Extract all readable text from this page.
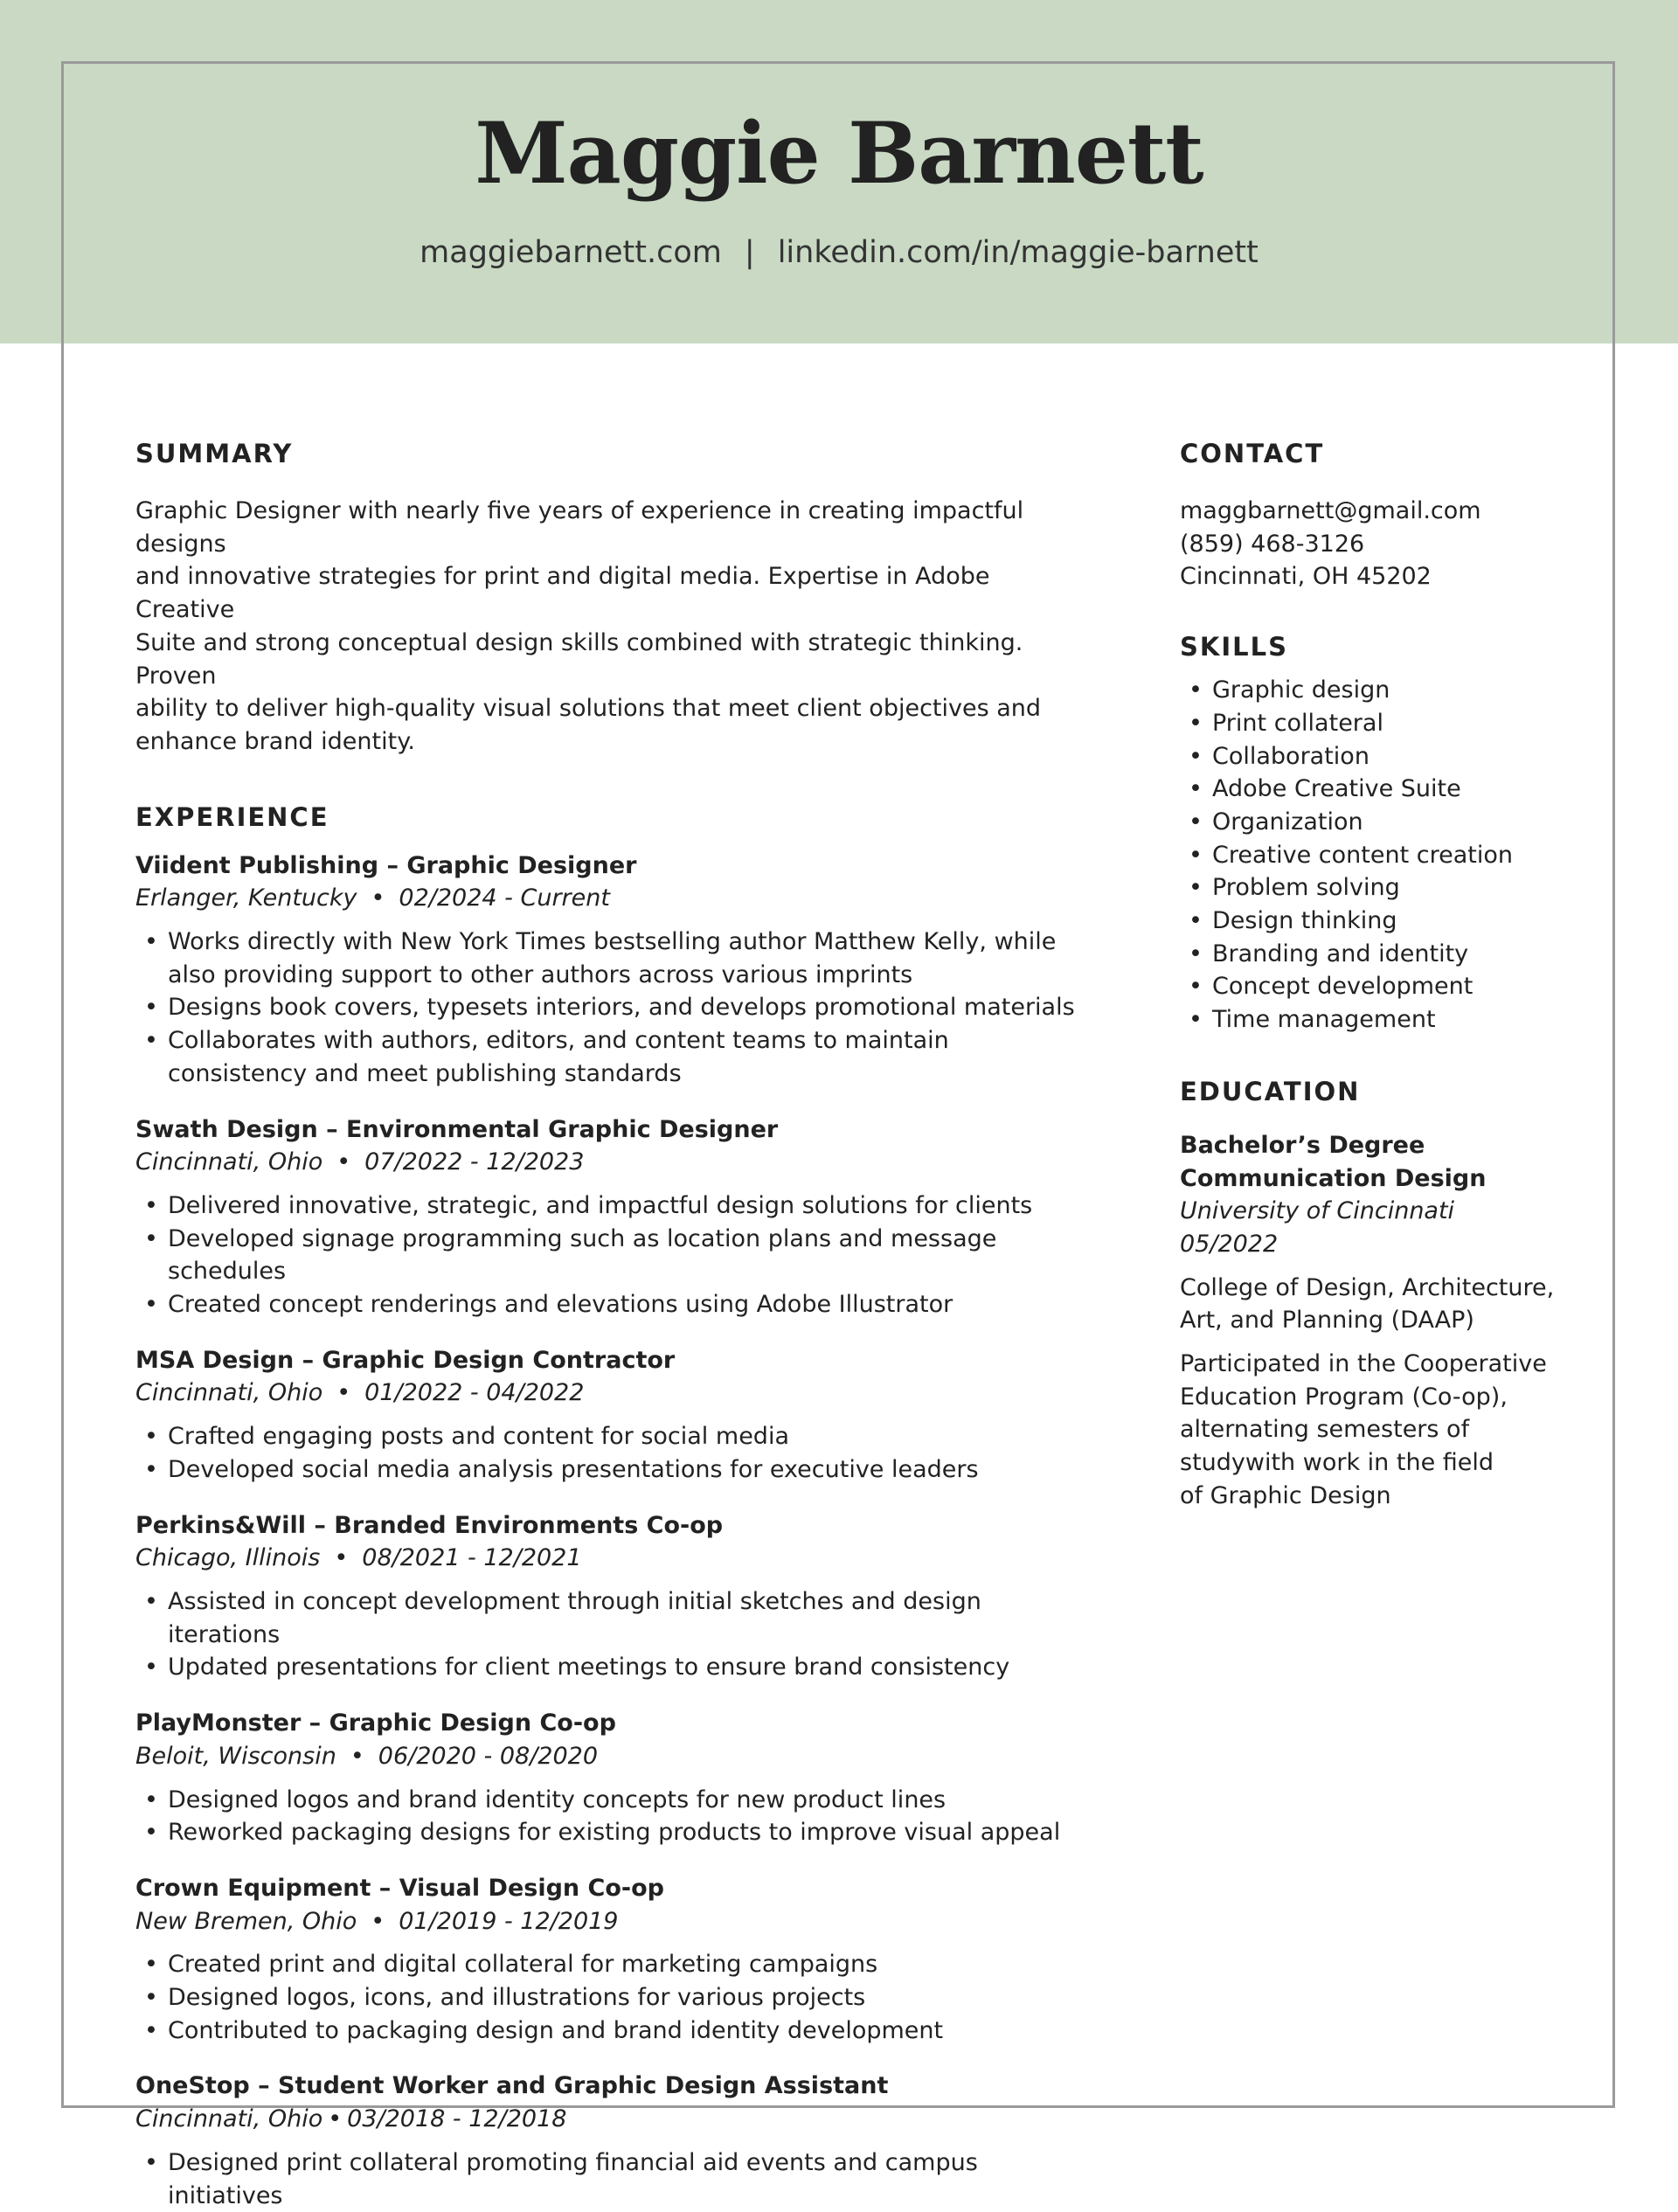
Maggie Barnett
maggiebarnett.com | linkedin.com/in/maggie-barnett
SUMMARY
Graphic Designer with nearly five years of experience in creating impactful designs
and innovative strategies for print and digital media. Expertise in Adobe Creative
Suite and strong conceptual design skills combined with strategic thinking. Proven
ability to deliver high-quality visual solutions that meet client objectives and
enhance brand identity.
EXPERIENCE
Viident Publishing – Graphic Designer
Erlanger, Kentucky • 02/2024 - Current
• Works directly with New York Times bestselling author Matthew Kelly, while also providing support to other authors across various imprints
• Designs book covers, typesets interiors, and develops promotional materials
• Collaborates with authors, editors, and content teams to maintain consistency and meet publishing standards
Swath Design – Environmental Graphic Designer
Cincinnati, Ohio • 07/2022 - 12/2023
• Delivered innovative, strategic, and impactful design solutions for clients
• Developed signage programming such as location plans and message schedules
• Created concept renderings and elevations using Adobe Illustrator
MSA Design – Graphic Design Contractor
Cincinnati, Ohio • 01/2022 - 04/2022
• Crafted engaging posts and content for social media
• Developed social media analysis presentations for executive leaders
Perkins&Will – Branded Environments Co-op
Chicago, Illinois • 08/2021 - 12/2021
• Assisted in concept development through initial sketches and design iterations
• Updated presentations for client meetings to ensure brand consistency
PlayMonster – Graphic Design Co-op
Beloit, Wisconsin • 06/2020 - 08/2020
• Designed logos and brand identity concepts for new product lines
• Reworked packaging designs for existing products to improve visual appeal
Crown Equipment – Visual Design Co-op
New Bremen, Ohio • 01/2019 - 12/2019
• Created print and digital collateral for marketing campaigns
• Designed logos, icons, and illustrations for various projects
• Contributed to packaging design and brand identity development
OneStop – Student Worker and Graphic Design Assistant
Cincinnati, Ohio • 03/2018 - 12/2018
• Designed print collateral promoting financial aid events and campus initiatives
CONTACT
maggbarnett@gmail.com
(859) 468-3126
Cincinnati, OH 45202
SKILLS
• Graphic design
• Print collateral
• Collaboration
• Adobe Creative Suite
• Organization
• Creative content creation
• Problem solving
• Design thinking
• Branding and identity
• Concept development
• Time management
EDUCATION
Bachelor’s Degree
Communication Design
University of Cincinnati
05/2022
College of Design, Architecture,
Art, and Planning (DAAP)
Participated in the Cooperative
Education Program (Co-op),
alternating semesters of
studywith work in the field
of Graphic Design
